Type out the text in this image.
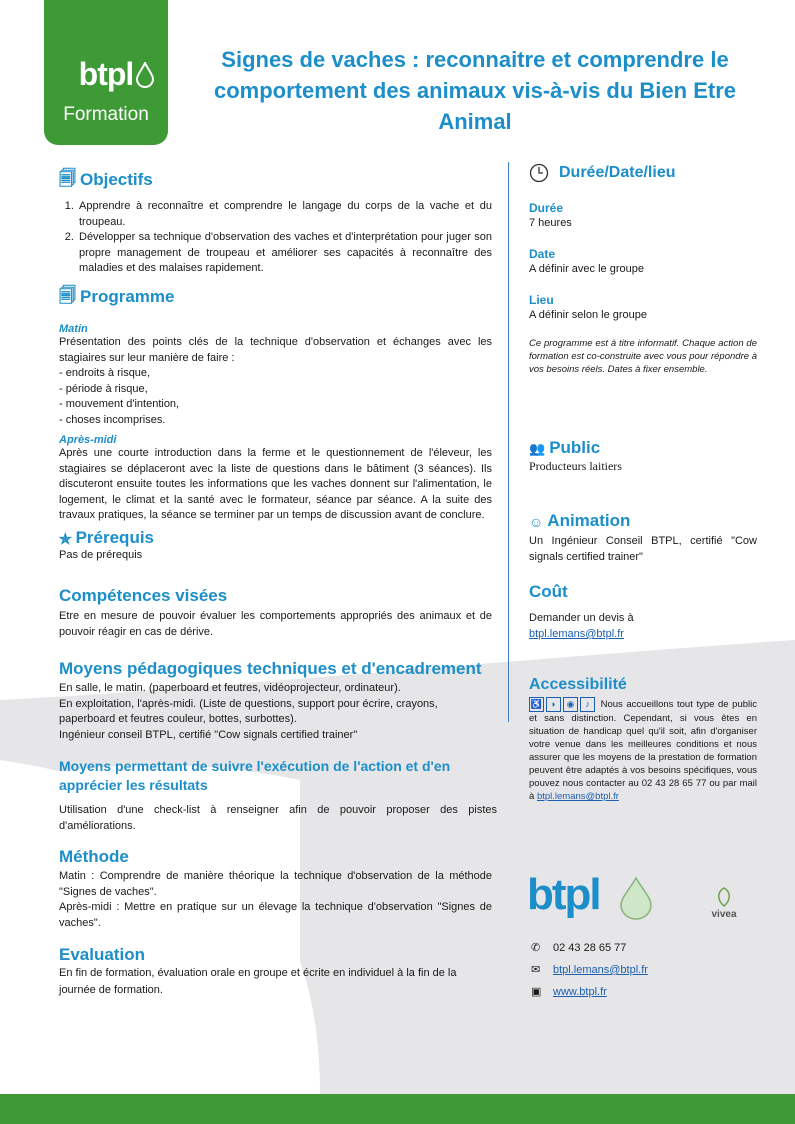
btpl
Formation
Signes de vaches : reconnaitre et comprendre le comportement des animaux vis-à-vis du Bien Etre Animal
🗐 Objectifs
1. Apprendre à reconnaître et comprendre le langage du corps de la vache et du troupeau.
2. Développer sa technique d'observation des vaches et d'interprétation pour juger son propre management de troupeau et améliorer ses capacités à reconnaître des maladies et des malaises rapidement.
🗐 Programme
Matin
Présentation des points clés de la technique d'observation et échanges avec les stagiaires sur leur manière de faire :
- endroits à risque,
- période à risque,
- mouvement d'intention,
- choses incomprises.
Après-midi
Après une courte introduction dans la ferme et le questionnement de l'éleveur, les stagiaires se déplaceront avec la liste de questions dans le bâtiment (3 séances). Ils discuteront ensuite toutes les informations que les vaches donnent sur l'alimentation, le logement, le climat et la santé avec le formateur, séance par séance. A la suite des travaux pratiques, la séance se terminer par un temps de discussion avant de conclure.
✯ Prérequis
Pas de prérequis
Compétences visées
Etre en mesure de pouvoir évaluer les comportements appropriés des animaux et de pouvoir réagir en cas de dérive.
Moyens pédagogiques techniques et d'encadrement
En salle, le matin. (paperboard et feutres, vidéoprojecteur, ordinateur).
En exploitation, l'après-midi. (Liste de questions, support pour écrire, crayons, paperboard et feutres couleur, bottes, surbottes).
Ingénieur conseil BTPL, certifié "Cow signals certified trainer"
Moyens permettant de suivre l'exécution de l'action et d'en apprécier les résultats
Utilisation d'une check-list à renseigner afin de pouvoir proposer des pistes d'améliorations.
Méthode
Matin : Comprendre de manière théorique la technique d'observation de la méthode "Signes de vaches".
Après-midi : Mettre en pratique sur un élevage la technique d'observation "Signes de vaches".
Evaluation
En fin de formation, évaluation orale en groupe et écrite en individuel à la fin de la journée de formation.
Durée/Date/lieu
Durée
7 heures
Date
A définir avec le groupe
Lieu
A définir selon le groupe
Ce programme est à titre informatif. Chaque action de formation est co-construite avec vous pour répondre à vos besoins réels. Dates à fixer ensemble.
👥 Public
Producteurs laitiers
☺ Animation
Un Ingénieur Conseil BTPL, certifié "Cow signals certified trainer"
Coût
Demander un devis à
btpl.lemans@btpl.fr
Accessibilité
♿ ◗ ◉ ♪ Nous accueillons tout type de public et sans distinction. Cependant, si vous êtes en situation de handicap quel qu'il soit, afin d'organiser votre venue dans les meilleures conditions et nous assurer que les moyens de la prestation de formation peuvent être adaptés à vos besoins spécifiques, vous pouvez nous contacter au 02 43 28 65 77 ou par mail à btpl.lemans@btpl.fr
btpl	vivea
✆ 02 43 28 65 77
✉ btpl.lemans@btpl.fr
▣ www.btpl.fr
